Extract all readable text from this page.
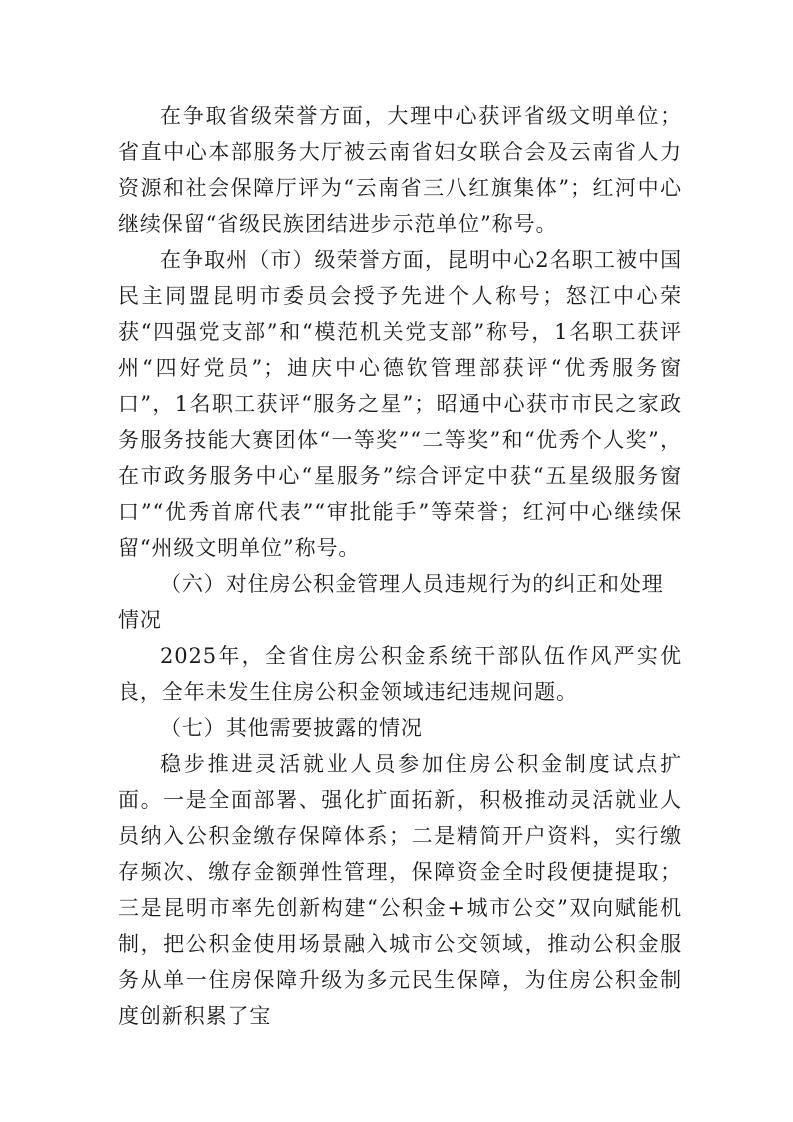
在争取省级荣誉方面，大理中心获评省级文明单位；省直中心本部服务大厅被云南省妇女联合会及云南省人力资源和社会保障厅评为“云南省三八红旗集体”；红河中心继续保留“省级民族团结进步示范单位”称号。

在争取州（市）级荣誉方面，昆明中心2名职工被中国民主同盟昆明市委员会授予先进个人称号；怒江中心荣获“四强党支部”和“模范机关党支部”称号，1名职工获评州“四好党员”；迪庆中心德钦管理部获评“优秀服务窗口”，1名职工获评“服务之星”；昭通中心获市市民之家政务服务技能大赛团体“一等奖”“二等奖”和“优秀个人奖”，在市政务服务中心“星服务”综合评定中获“五星级服务窗口”“优秀首席代表”“审批能手”等荣誉；红河中心继续保留“州级文明单位”称号。

（六）对住房公积金管理人员违规行为的纠正和处理情况

2025年，全省住房公积金系统干部队伍作风严实优良，全年未发生住房公积金领域违纪违规问题。

（七）其他需要披露的情况

稳步推进灵活就业人员参加住房公积金制度试点扩面。一是全面部署、强化扩面拓新，积极推动灵活就业人员纳入公积金缴存保障体系；二是精简开户资料，实行缴存频次、缴存金额弹性管理，保障资金全时段便捷提取；三是昆明市率先创新构建“公积金+城市公交”双向赋能机制，把公积金使用场景融入城市公交领域，推动公积金服务从单一住房保障升级为多元民生保障，为住房公积金制度创新积累了宝
